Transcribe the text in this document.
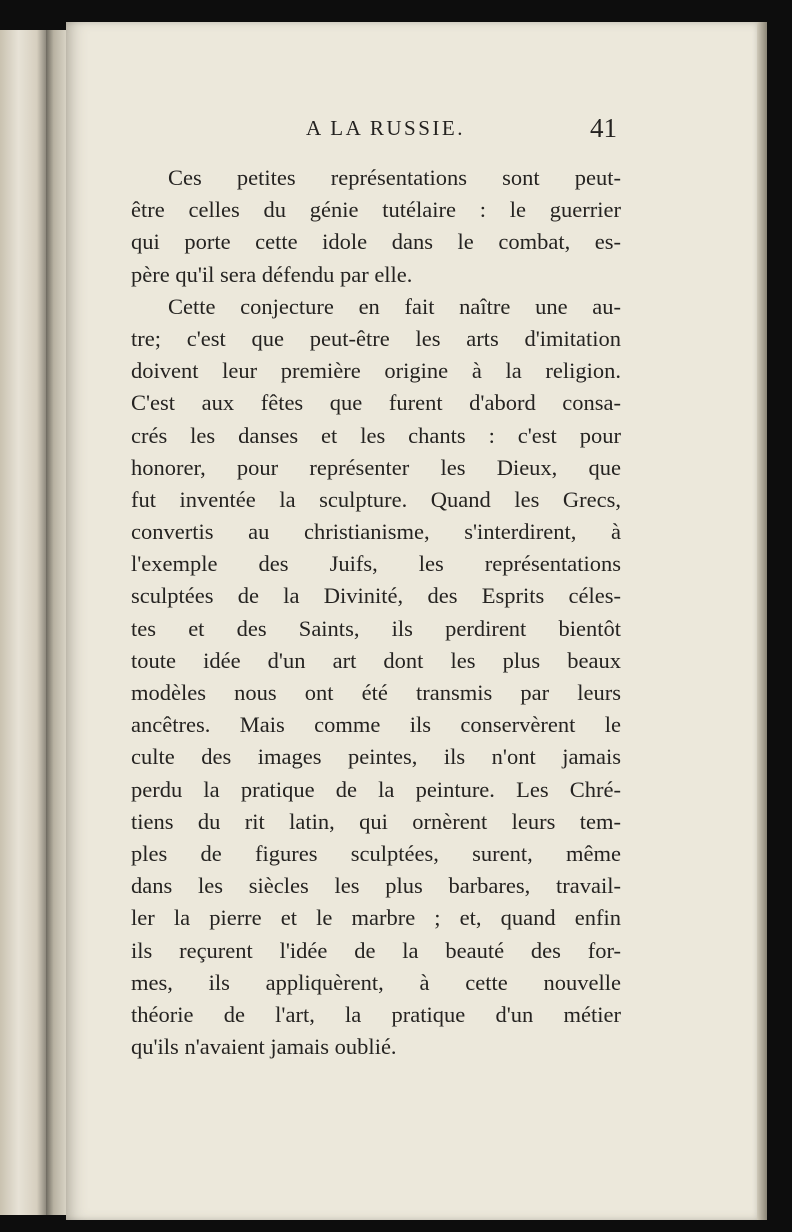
A LA RUSSIE.	41
Ces petites représentations sont peut-
être celles du génie tutélaire : le guerrier
qui porte cette idole dans le combat, es-
père qu'il sera défendu par elle.
Cette conjecture en fait naître une au-
tre; c'est que peut-être les arts d'imitation
doivent leur première origine à la religion.
C'est aux fêtes que furent d'abord consa-
crés les danses et les chants : c'est pour
honorer, pour représenter les Dieux, que
fut inventée la sculpture. Quand les Grecs,
convertis au christianisme, s'interdirent, à
l'exemple des Juifs, les représentations
sculptées de la Divinité, des Esprits céles-
tes et des Saints, ils perdirent bientôt
toute idée d'un art dont les plus beaux
modèles nous ont été transmis par leurs
ancêtres. Mais comme ils conservèrent le
culte des images peintes, ils n'ont jamais
perdu la pratique de la peinture. Les Chré-
tiens du rit latin, qui ornèrent leurs tem-
ples de figures sculptées, surent, même
dans les siècles les plus barbares, travail-
ler la pierre et le marbre ; et, quand enfin
ils reçurent l'idée de la beauté des for-
mes, ils appliquèrent, à cette nouvelle
théorie de l'art, la pratique d'un métier
qu'ils n'avaient jamais oublié.
